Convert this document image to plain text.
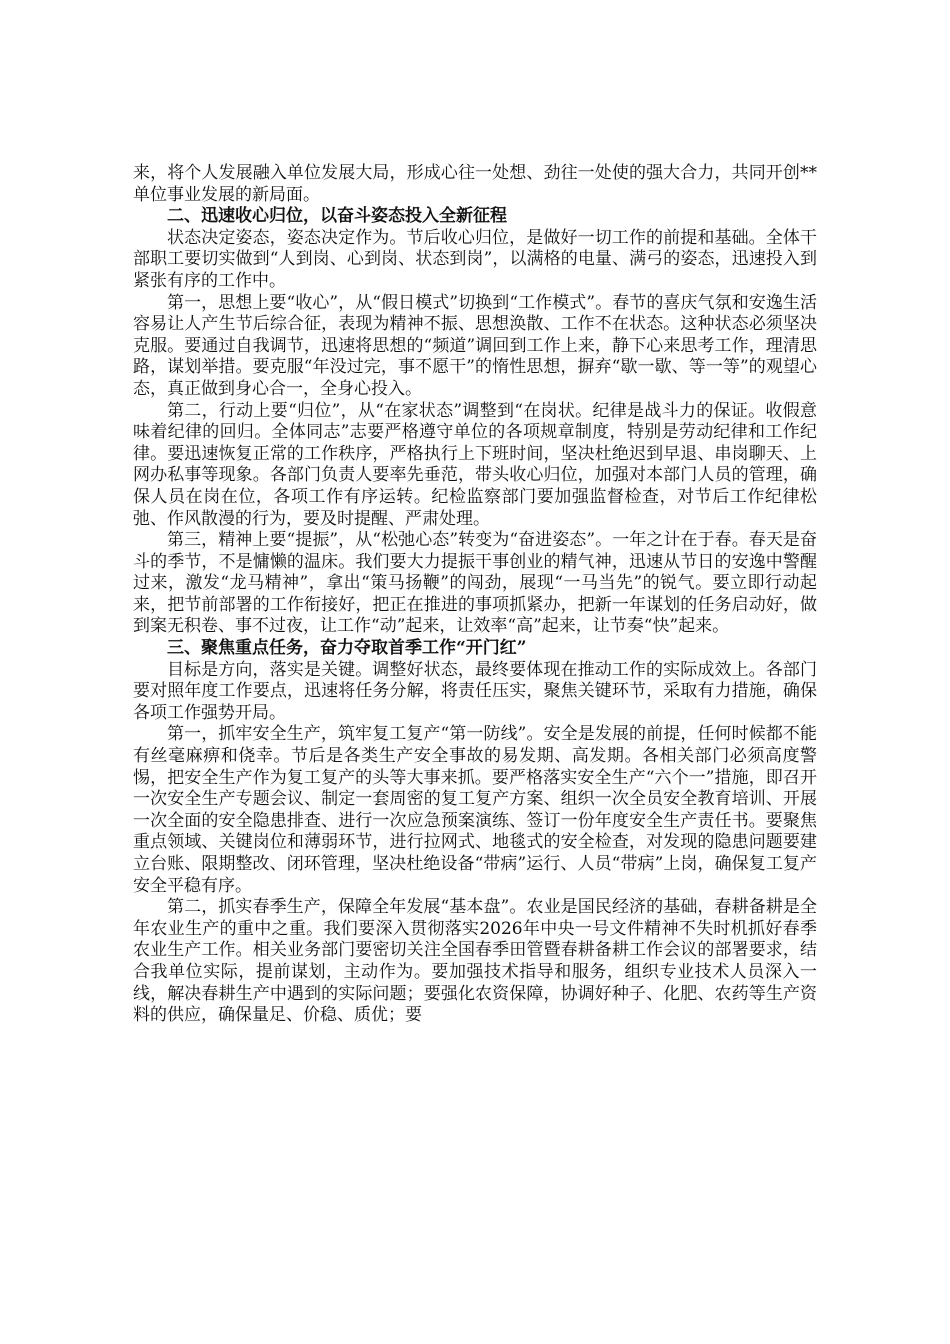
来，将个人发展融入单位发展大局，形成心往一处想、劲往一处使的强大合力，共同开创**单位事业发展的新局面。

二、迅速收心归位，以奋斗姿态投入全新征程

状态决定姿态，姿态决定作为。节后收心归位，是做好一切工作的前提和基础。全体干部职工要切实做到“人到岗、心到岗、状态到岗”，以满格的电量、满弓的姿态，迅速投入到紧张有序的工作中。

第一，思想上要“收心”，从“假日模式”切换到“工作模式”。春节的喜庆气氛和安逸生活容易让人产生节后综合征，表现为精神不振、思想涣散、工作不在状态。这种状态必须坚决克服。要通过自我调节，迅速将思想的“频道”调回到工作上来，静下心来思考工作，理清思路，谋划举措。要克服“年没过完，事不愿干”的惰性思想，摒弃“歇一歇、等一等”的观望心态，真正做到身心合一，全身心投入。

第二，行动上要“归位”，从“在家状态”调整到“在岗状。纪律是战斗力的保证。收假意味着纪律的回归。全体同志”志要严格遵守单位的各项规章制度，特别是劳动纪律和工作纪律。要迅速恢复正常的工作秩序，严格执行上下班时间，坚决杜绝迟到早退、串岗聊天、上网办私事等现象。各部门负责人要率先垂范，带头收心归位，加强对本部门人员的管理，确保人员在岗在位，各项工作有序运转。纪检监察部门要加强监督检查，对节后工作纪律松弛、作风散漫的行为，要及时提醒、严肃处理。

第三，精神上要“提振”，从“松弛心态”转变为“奋进姿态”。一年之计在于春。春天是奋斗的季节，不是慵懒的温床。我们要大力提振干事创业的精气神，迅速从节日的安逸中警醒过来，激发“龙马精神”，拿出“策马扬鞭”的闯劲，展现“一马当先”的锐气。要立即行动起来，把节前部署的工作衔接好，把正在推进的事项抓紧办，把新一年谋划的任务启动好，做到案无积卷、事不过夜，让工作“动”起来，让效率“高”起来，让节奏“快”起来。

三、聚焦重点任务，奋力夺取首季工作“开门红”

目标是方向，落实是关键。调整好状态，最终要体现在推动工作的实际成效上。各部门要对照年度工作要点，迅速将任务分解，将责任压实，聚焦关键环节，采取有力措施，确保各项工作强势开局。

第一，抓牢安全生产，筑牢复工复产“第一防线”。安全是发展的前提，任何时候都不能有丝毫麻痹和侥幸。节后是各类生产安全事故的易发期、高发期。各相关部门必须高度警惕，把安全生产作为复工复产的头等大事来抓。要严格落实安全生产“六个一”措施，即召开一次安全生产专题会议、制定一套周密的复工复产方案、组织一次全员安全教育培训、开展一次全面的安全隐患排查、进行一次应急预案演练、签订一份年度安全生产责任书。要聚焦重点领域、关键岗位和薄弱环节，进行拉网式、地毯式的安全检查，对发现的隐患问题要建立台账、限期整改、闭环管理，坚决杜绝设备“带病”运行、人员“带病”上岗，确保复工复产安全平稳有序。

第二，抓实春季生产，保障全年发展“基本盘”。农业是国民经济的基础，春耕备耕是全年农业生产的重中之重。我们要深入贯彻落实2026年中央一号文件精神不失时机抓好春季农业生产工作。相关业务部门要密切关注全国春季田管暨春耕备耕工作会议的部署要求，结合我单位实际，提前谋划，主动作为。要加强技术指导和服务，组织专业技术人员深入一线，解决春耕生产中遇到的实际问题；要强化农资保障，协调好种子、化肥、农药等生产资料的供应，确保量足、价稳、质优；要
